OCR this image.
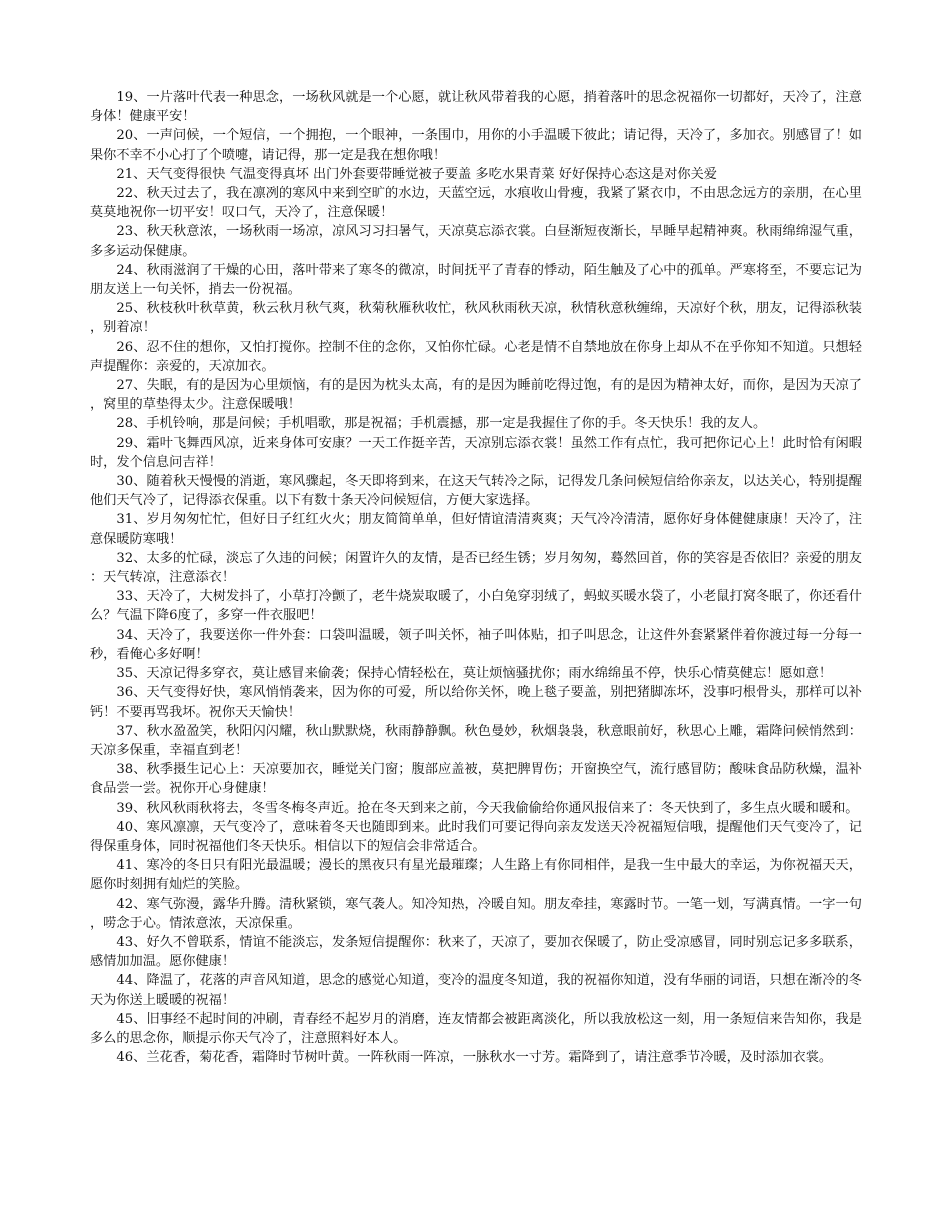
19、一片落叶代表一种思念，一场秋风就是一个心愿，就让秋风带着我的心愿，捎着落叶的思念祝福你一切都好，天冷了，注意身体！健康平安！

20、一声问候，一个短信，一个拥抱，一个眼神，一条围巾，用你的小手温暖下彼此；请记得，天冷了，多加衣。别感冒了！如果你不幸不小心打了个喷嚏，请记得，那一定是我在想你哦！

21、天气变得很快 气温变得真坏 出门外套要带睡觉被子要盖 多吃水果青菜 好好保持心态这是对你关爱

22、秋天过去了，我在凛冽的寒风中来到空旷的水边，天蓝空远，水痕收山骨瘦，我紧了紧衣巾，不由思念远方的亲朋，在心里莫莫地祝你一切平安！叹口气，天冷了，注意保暖！

23、秋天秋意浓，一场秋雨一场凉，凉风习习扫暑气，天凉莫忘添衣裳。白昼渐短夜渐长，早睡早起精神爽。秋雨绵绵湿气重，多多运动保健康。

24、秋雨滋润了干燥的心田，落叶带来了寒冬的微凉，时间抚平了青春的悸动，陌生触及了心中的孤单。严寒将至，不要忘记为朋友送上一句关怀，捎去一份祝福。

25、秋枝秋叶秋草黄，秋云秋月秋气爽，秋菊秋雁秋收忙，秋风秋雨秋天凉，秋情秋意秋缠绵，天凉好个秋，朋友，记得添秋装，别着凉！

26、忍不住的想你，又怕打搅你。控制不住的念你，又怕你忙碌。心老是情不自禁地放在你身上却从不在乎你知不知道。只想轻声提醒你：亲爱的，天凉加衣。

27、失眠，有的是因为心里烦恼，有的是因为枕头太高，有的是因为睡前吃得过饱，有的是因为精神太好，而你，是因为天凉了，窝里的草垫得太少。注意保暖哦！

28、手机铃响，那是问候；手机唱歌，那是祝福；手机震撼，那一定是我握住了你的手。冬天快乐！我的友人。

29、霜叶飞舞西风凉，近来身体可安康？一天工作挺辛苦，天凉别忘添衣裳！虽然工作有点忙，我可把你记心上！此时恰有闲暇时，发个信息问吉祥！

30、随着秋天慢慢的消逝，寒风骤起，冬天即将到来，在这天气转冷之际，记得发几条问候短信给你亲友，以达关心，特别提醒他们天气冷了，记得添衣保重。以下有数十条天冷问候短信，方便大家选择。

31、岁月匆匆忙忙，但好日子红红火火；朋友简简单单，但好情谊清清爽爽；天气冷冷清清，愿你好身体健健康康！天冷了，注意保暖防寒哦！

32、太多的忙碌，淡忘了久违的问候；闲置许久的友情，是否已经生锈；岁月匆匆，蓦然回首，你的笑容是否依旧？亲爱的朋友：天气转凉，注意添衣！

33、天冷了，大树发抖了，小草打冷颤了，老牛烧炭取暖了，小白兔穿羽绒了，蚂蚁买暖水袋了，小老鼠打窝冬眠了，你还看什么？气温下降6度了，多穿一件衣服吧！

34、天冷了，我要送你一件外套：口袋叫温暖，领子叫关怀，袖子叫体贴，扣子叫思念，让这件外套紧紧伴着你渡过每一分每一秒，看俺心多好啊！

35、天凉记得多穿衣，莫让感冒来偷袭；保持心情轻松在，莫让烦恼骚扰你；雨水绵绵虽不停，快乐心情莫健忘！愿如意！

36、天气变得好快，寒风悄悄袭来，因为你的可爱，所以给你关怀，晚上毯子要盖，别把猪脚冻坏，没事叼根骨头，那样可以补钙！不要再骂我坏。祝你天天愉快！

37、秋水盈盈笑，秋阳闪闪耀，秋山默默烧，秋雨静静飘。秋色曼妙，秋烟袅袅，秋意眼前好，秋思心上雕，霜降问候悄然到：天凉多保重，幸福直到老！

38、秋季摄生记心上：天凉要加衣，睡觉关门窗；腹部应盖被，莫把脾胃伤；开窗换空气，流行感冒防；酸味食品防秋燥，温补食品尝一尝。祝你开心身健康！

39、秋风秋雨秋将去，冬雪冬梅冬声近。抢在冬天到来之前，今天我偷偷给你通风报信来了：冬天快到了，多生点火暖和暖和。

40、寒风凛凛，天气变冷了，意味着冬天也随即到来。此时我们可要记得向亲友发送天冷祝福短信哦，提醒他们天气变冷了，记得保重身体，同时祝福他们冬天快乐。相信以下的短信会非常适合。

41、寒冷的冬日只有阳光最温暖；漫长的黑夜只有星光最璀璨；人生路上有你同相伴，是我一生中最大的幸运，为你祝福天天，愿你时刻拥有灿烂的笑脸。

42、寒气弥漫，露华升腾。清秋紧锁，寒气袭人。知冷知热，冷暖自知。朋友牵挂，寒露时节。一笔一划，写满真情。一字一句，唠念于心。情浓意浓，天凉保重。

43、好久不曾联系，情谊不能淡忘，发条短信提醒你：秋来了，天凉了，要加衣保暖了，防止受凉感冒，同时别忘记多多联系，感情加加温。愿你健康！

44、降温了，花落的声音风知道，思念的感觉心知道，变冷的温度冬知道，我的祝福你知道，没有华丽的词语，只想在渐冷的冬天为你送上暖暖的祝福！

45、旧事经不起时间的冲刷，青春经不起岁月的消磨，连友情都会被距离淡化，所以我放松这一刻，用一条短信来告知你，我是多么的思念你，顺提示你天气冷了，注意照料好本人。

46、兰花香，菊花香，霜降时节树叶黄。一阵秋雨一阵凉，一脉秋水一寸芳。霜降到了，请注意季节冷暖，及时添加衣裳。
